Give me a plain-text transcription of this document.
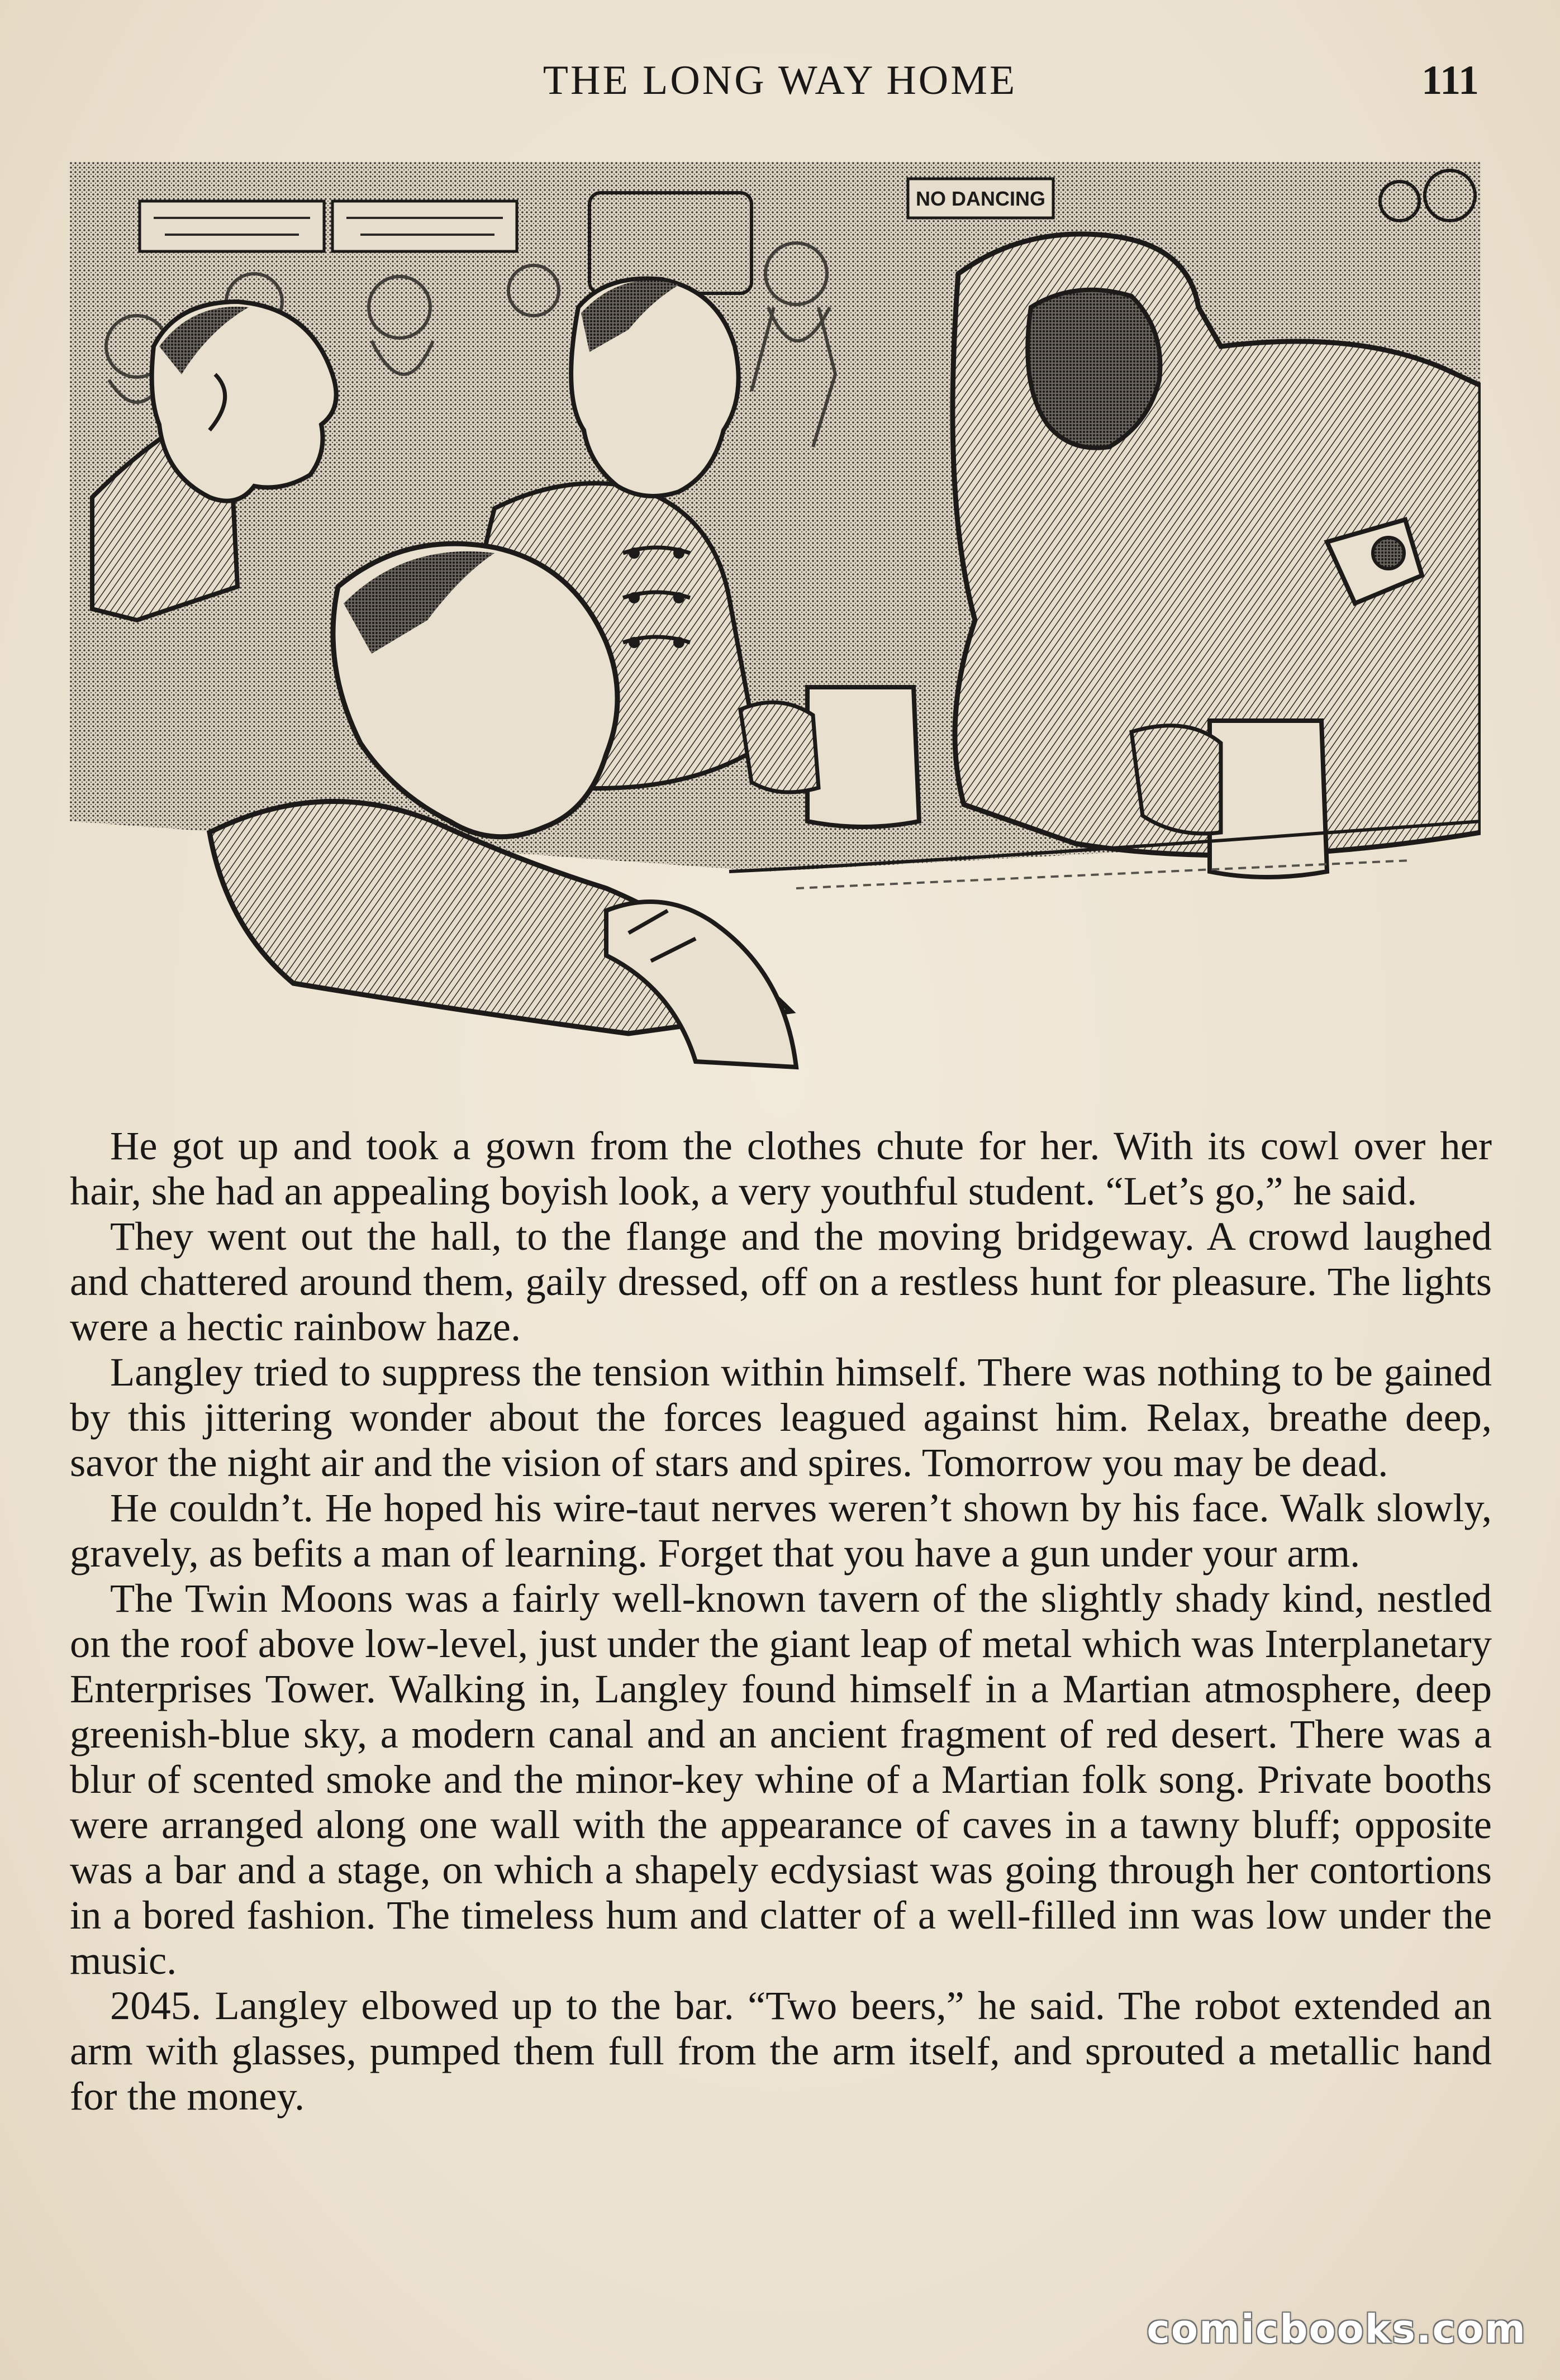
THE LONG WAY HOME	111
NO DANCING

He got up and took a gown from the clothes chute for her. With its cowl over her hair, she had an appealing boyish look, a very youthful student. “Let’s go,” he said.

They went out the hall, to the flange and the moving bridgeway. A crowd laughed and chattered around them, gaily dressed, off on a restless hunt for pleasure. The lights were a hectic rainbow haze.

Langley tried to suppress the tension within himself. There was nothing to be gained by this jittering wonder about the forces leagued against him. Relax, breathe deep, savor the night air and the vision of stars and spires. Tomorrow you may be dead.

He couldn’t. He hoped his wire-taut nerves weren’t shown by his face. Walk slowly, gravely, as befits a man of learning. Forget that you have a gun under your arm.

The Twin Moons was a fairly well-known tavern of the slightly shady kind, nestled on the roof above low-level, just under the giant leap of metal which was Interplanetary Enterprises Tower. Walking in, Langley found himself in a Martian atmosphere, deep greenish-blue sky, a modern canal and an ancient fragment of red desert. There was a blur of scented smoke and the minor-key whine of a Martian folk song. Private booths were arranged along one wall with the appearance of caves in a tawny bluff; opposite was a bar and a stage, on which a shapely ecdysiast was going through her contortions in a bored fashion. The timeless hum and clatter of a well-filled inn was low under the music.

2045. Langley elbowed up to the bar. “Two beers,” he said. The robot extended an arm with glasses, pumped them full from the arm itself, and sprouted a metallic hand for the money.

comicbooks.com
